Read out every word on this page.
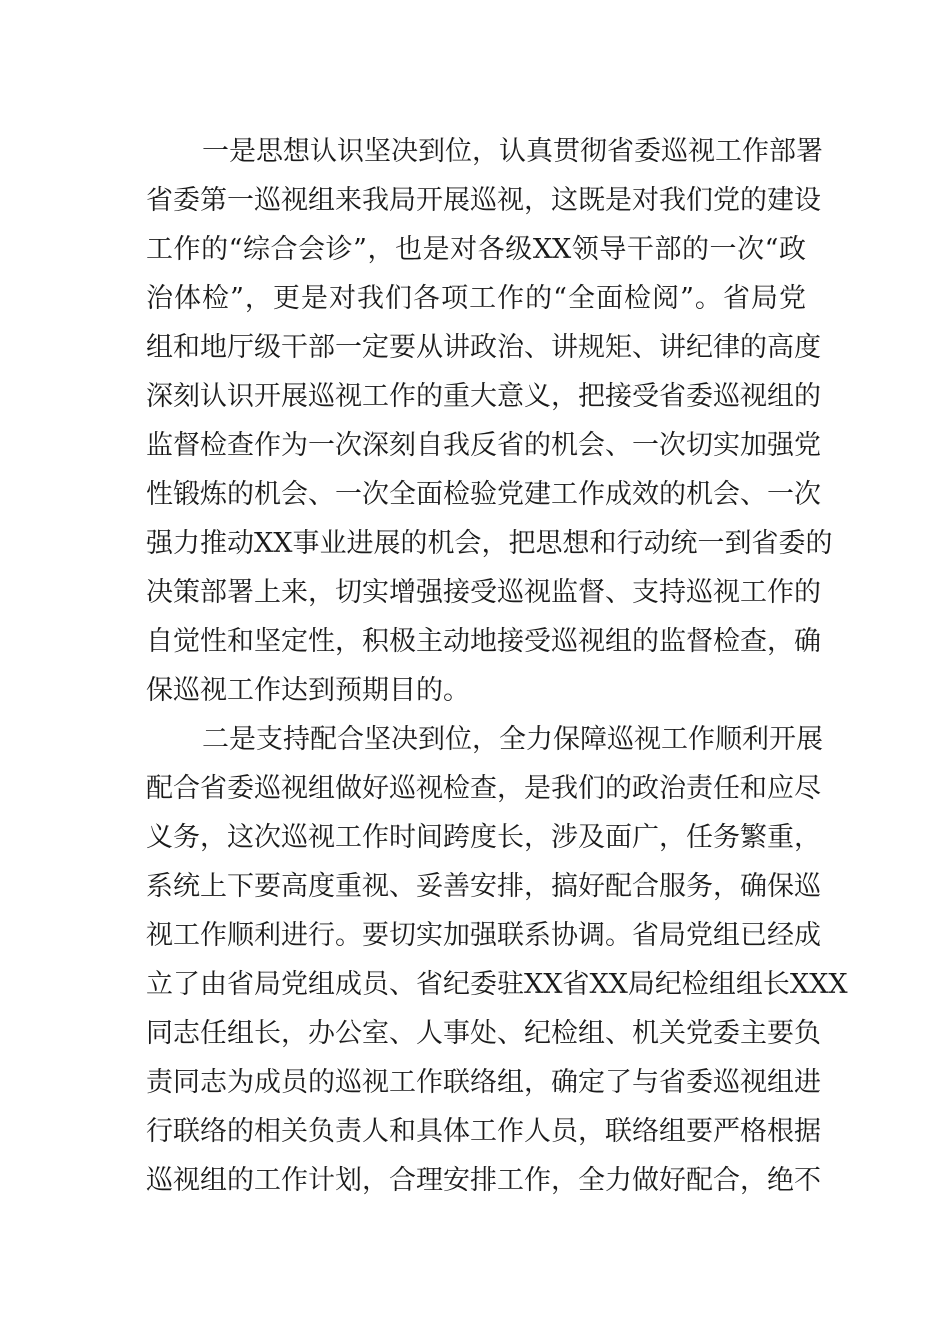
一是思想认识坚决到位，认真贯彻省委巡视工作部署
省委第一巡视组来我局开展巡视，这既是对我们党的建设
工作的“综合会诊”，也是对各级XX领导干部的一次“政
治体检”，更是对我们各项工作的“全面检阅”。省局党
组和地厅级干部一定要从讲政治、讲规矩、讲纪律的高度
深刻认识开展巡视工作的重大意义，把接受省委巡视组的
监督检查作为一次深刻自我反省的机会、一次切实加强党
性锻炼的机会、一次全面检验党建工作成效的机会、一次
强力推动XX事业进展的机会，把思想和行动统一到省委的
决策部署上来，切实增强接受巡视监督、支持巡视工作的
自觉性和坚定性，积极主动地接受巡视组的监督检查，确
保巡视工作达到预期目的。
二是支持配合坚决到位，全力保障巡视工作顺利开展
配合省委巡视组做好巡视检查，是我们的政治责任和应尽
义务，这次巡视工作时间跨度长，涉及面广，任务繁重，
系统上下要高度重视、妥善安排，搞好配合服务，确保巡
视工作顺利进行。要切实加强联系协调。省局党组已经成
立了由省局党组成员、省纪委驻XX省XX局纪检组组长XXX
同志任组长，办公室、人事处、纪检组、机关党委主要负
责同志为成员的巡视工作联络组，确定了与省委巡视组进
行联络的相关负责人和具体工作人员，联络组要严格根据
巡视组的工作计划，合理安排工作，全力做好配合，绝不
